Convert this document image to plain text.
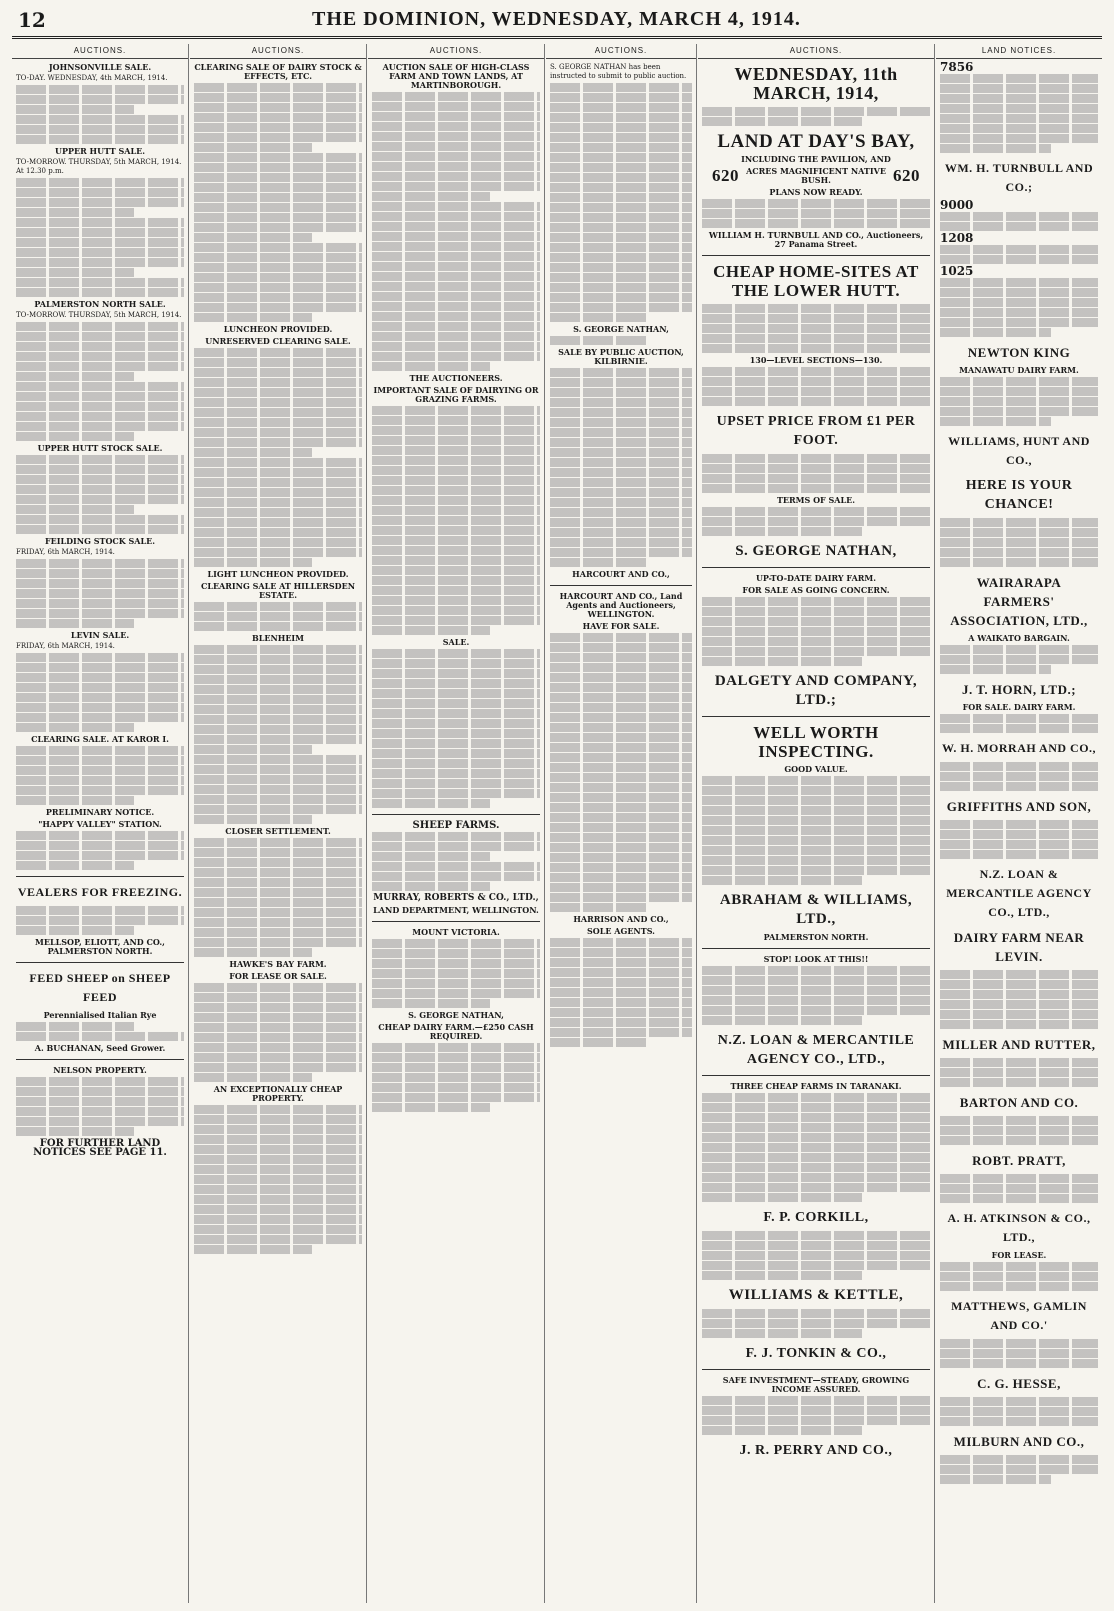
12	THE DOMINION, WEDNESDAY, MARCH 4, 1914.
AUCTIONS.
JOHNSONVILLE SALE.

TO-DAY. WEDNESDAY, 4th MARCH, 1914.

UPPER HUTT SALE.

TO-MORROW. THURSDAY, 5th MARCH, 1914. At 12.30 p.m.

PALMERSTON NORTH SALE.

TO-MORROW. THURSDAY, 5th MARCH, 1914.

UPPER HUTT STOCK SALE.
FEILDING STOCK SALE.

FRIDAY, 6th MARCH, 1914.

LEVIN SALE.

FRIDAY, 6th MARCH, 1914.

CLEARING SALE. AT KAROR I.
PRELIMINARY NOTICE.
"HAPPY VALLEY" STATION.
VEALERS FOR FREEZING.
MELLSOP, ELIOTT, AND CO., PALMERSTON NORTH.
FEED SHEEP on SHEEP FEED
Perennialised Italian Rye
A. BUCHANAN, Seed Grower.
NELSON PROPERTY.
FOR FURTHER LAND NOTICES SEE PAGE 11.
AUCTIONS.
CLEARING SALE OF DAIRY STOCK & EFFECTS, ETC.
LUNCHEON PROVIDED.
UNRESERVED CLEARING SALE.
LIGHT LUNCHEON PROVIDED.
CLEARING SALE AT HILLERSDEN ESTATE.
BLENHEIM
CLOSER SETTLEMENT.
HAWKE'S BAY FARM.
FOR LEASE OR SALE.
AN EXCEPTIONALLY CHEAP PROPERTY.
AUCTIONS.
AUCTION SALE OF HIGH-CLASS FARM AND TOWN LANDS, AT MARTINBOROUGH.
THE AUCTIONEERS.
IMPORTANT SALE OF DAIRYING OR GRAZING FARMS.
SALE.
SHEEP FARMS.
MURRAY, ROBERTS & CO., LTD.,
LAND DEPARTMENT, WELLINGTON.
MOUNT VICTORIA.
S. GEORGE NATHAN,
CHEAP DAIRY FARM.—£250 CASH REQUIRED.
AUCTIONS.

S. GEORGE NATHAN has been instructed to submit to public auction.

S. GEORGE NATHAN,
SALE BY PUBLIC AUCTION, KILBIRNIE.
HARCOURT AND CO.,
HARCOURT AND CO., Land Agents and Auctioneers, WELLINGTON.
HAVE FOR SALE.
HARRISON AND CO.,
SOLE AGENTS.
AUCTIONS.
WEDNESDAY, 11th MARCH, 1914,
LAND AT DAY'S BAY,
INCLUDING THE PAVILION, AND
620 ACRES MAGNIFICENT NATIVE BUSH.	620
PLANS NOW READY.
WILLIAM H. TURNBULL AND CO., Auctioneers, 27 Panama Street.
CHEAP HOME-SITES AT THE LOWER HUTT.
130—LEVEL SECTIONS—130.
UPSET PRICE FROM £1 PER FOOT.
TERMS OF SALE.
S. GEORGE NATHAN,
UP-TO-DATE DAIRY FARM.
FOR SALE AS GOING CONCERN.
DALGETY AND COMPANY, LTD.;
WELL WORTH INSPECTING.
GOOD VALUE.
ABRAHAM & WILLIAMS, LTD.,
PALMERSTON NORTH.
STOP! LOOK AT THIS!!
N.Z. LOAN & MERCANTILE AGENCY CO., LTD.,
THREE CHEAP FARMS IN TARANAKI.
F. P. CORKILL,
WILLIAMS & KETTLE,
F. J. TONKIN & CO.,
SAFE INVESTMENT—STEADY, GROWING INCOME ASSURED.
J. R. PERRY AND CO.,
LAND NOTICES.
7856
WM. H. TURNBULL AND CO.;
9000
1208
1025
NEWTON KING
MANAWATU DAIRY FARM.
WILLIAMS, HUNT AND CO.,
HERE IS YOUR CHANCE!
WAIRARAPA FARMERS' ASSOCIATION, LTD.,
A WAIKATO BARGAIN.
J. T. HORN, LTD.;
FOR SALE. DAIRY FARM.
W. H. MORRAH AND CO.,
GRIFFITHS AND SON,
N.Z. LOAN & MERCANTILE AGENCY CO., LTD.,
DAIRY FARM NEAR LEVIN.
MILLER AND RUTTER,
BARTON AND CO.
ROBT. PRATT,
A. H. ATKINSON & CO., LTD.,
FOR LEASE.
MATTHEWS, GAMLIN AND CO.'
C. G. HESSE,
MILBURN AND CO.,
